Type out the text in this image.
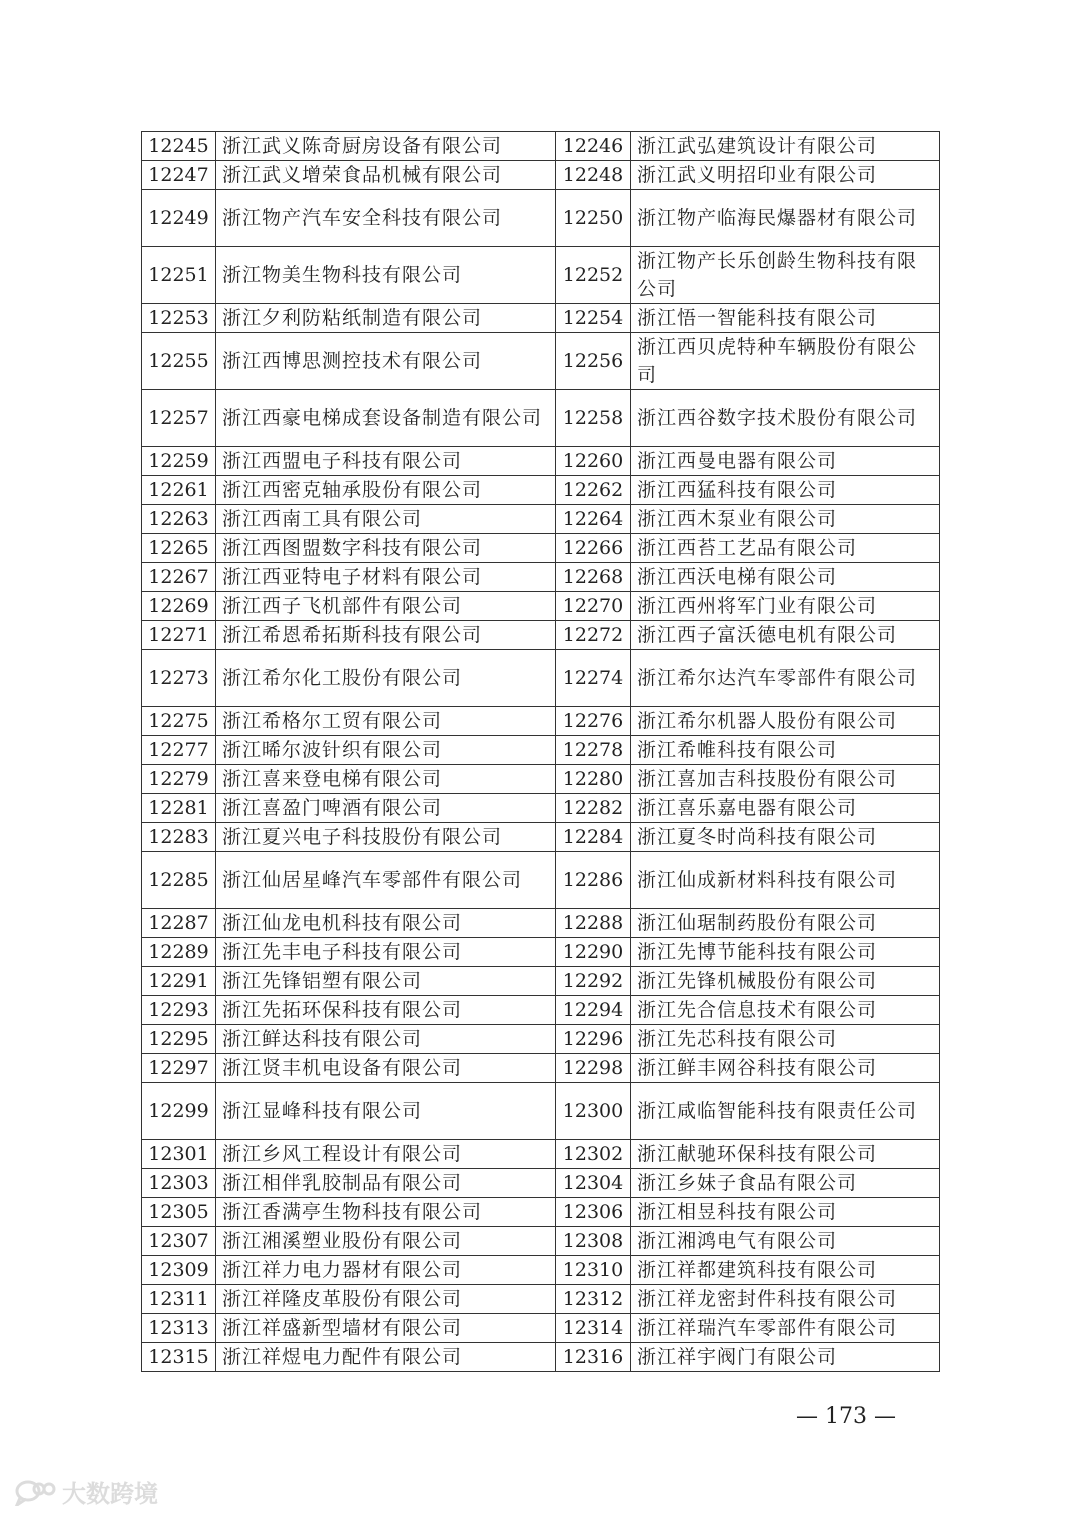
12245	浙江武义陈奇厨房设备有限公司	12246	浙江武弘建筑设计有限公司
12247	浙江武义增荣食品机械有限公司	12248	浙江武义明招印业有限公司
12249	浙江物产汽车安全科技有限公司	12250	浙江物产临海民爆器材有限公司
12251	浙江物美生物科技有限公司	12252	浙江物产长乐创龄生物科技有限公司
12253	浙江夕利防粘纸制造有限公司	12254	浙江悟一智能科技有限公司
12255	浙江西博思测控技术有限公司	12256	浙江西贝虎特种车辆股份有限公司
12257	浙江西豪电梯成套设备制造有限公司	12258	浙江西谷数字技术股份有限公司
12259	浙江西盟电子科技有限公司	12260	浙江西曼电器有限公司
12261	浙江西密克轴承股份有限公司	12262	浙江西猛科技有限公司
12263	浙江西南工具有限公司	12264	浙江西木泵业有限公司
12265	浙江西图盟数字科技有限公司	12266	浙江西苔工艺品有限公司
12267	浙江西亚特电子材料有限公司	12268	浙江西沃电梯有限公司
12269	浙江西子飞机部件有限公司	12270	浙江西州将军门业有限公司
12271	浙江希恩希拓斯科技有限公司	12272	浙江西子富沃德电机有限公司
12273	浙江希尔化工股份有限公司	12274	浙江希尔达汽车零部件有限公司
12275	浙江希格尔工贸有限公司	12276	浙江希尔机器人股份有限公司
12277	浙江晞尔波针织有限公司	12278	浙江希帷科技有限公司
12279	浙江喜来登电梯有限公司	12280	浙江喜加吉科技股份有限公司
12281	浙江喜盈门啤酒有限公司	12282	浙江喜乐嘉电器有限公司
12283	浙江夏兴电子科技股份有限公司	12284	浙江夏冬时尚科技有限公司
12285	浙江仙居星峰汽车零部件有限公司	12286	浙江仙成新材料科技有限公司
12287	浙江仙龙电机科技有限公司	12288	浙江仙琚制药股份有限公司
12289	浙江先丰电子科技有限公司	12290	浙江先博节能科技有限公司
12291	浙江先锋铝塑有限公司	12292	浙江先锋机械股份有限公司
12293	浙江先拓环保科技有限公司	12294	浙江先合信息技术有限公司
12295	浙江鲜达科技有限公司	12296	浙江先芯科技有限公司
12297	浙江贤丰机电设备有限公司	12298	浙江鲜丰网谷科技有限公司
12299	浙江显峰科技有限公司	12300	浙江咸临智能科技有限责任公司
12301	浙江乡风工程设计有限公司	12302	浙江献驰环保科技有限公司
12303	浙江相伴乳胶制品有限公司	12304	浙江乡妹子食品有限公司
12305	浙江香满亭生物科技有限公司	12306	浙江相昱科技有限公司
12307	浙江湘溪塑业股份有限公司	12308	浙江湘鸿电气有限公司
12309	浙江祥力电力器材有限公司	12310	浙江祥都建筑科技有限公司
12311	浙江祥隆皮革股份有限公司	12312	浙江祥龙密封件科技有限公司
12313	浙江祥盛新型墙材有限公司	12314	浙江祥瑞汽车零部件有限公司
12315	浙江祥煜电力配件有限公司	12316	浙江祥宇阀门有限公司
— 173 —
大数跨境
